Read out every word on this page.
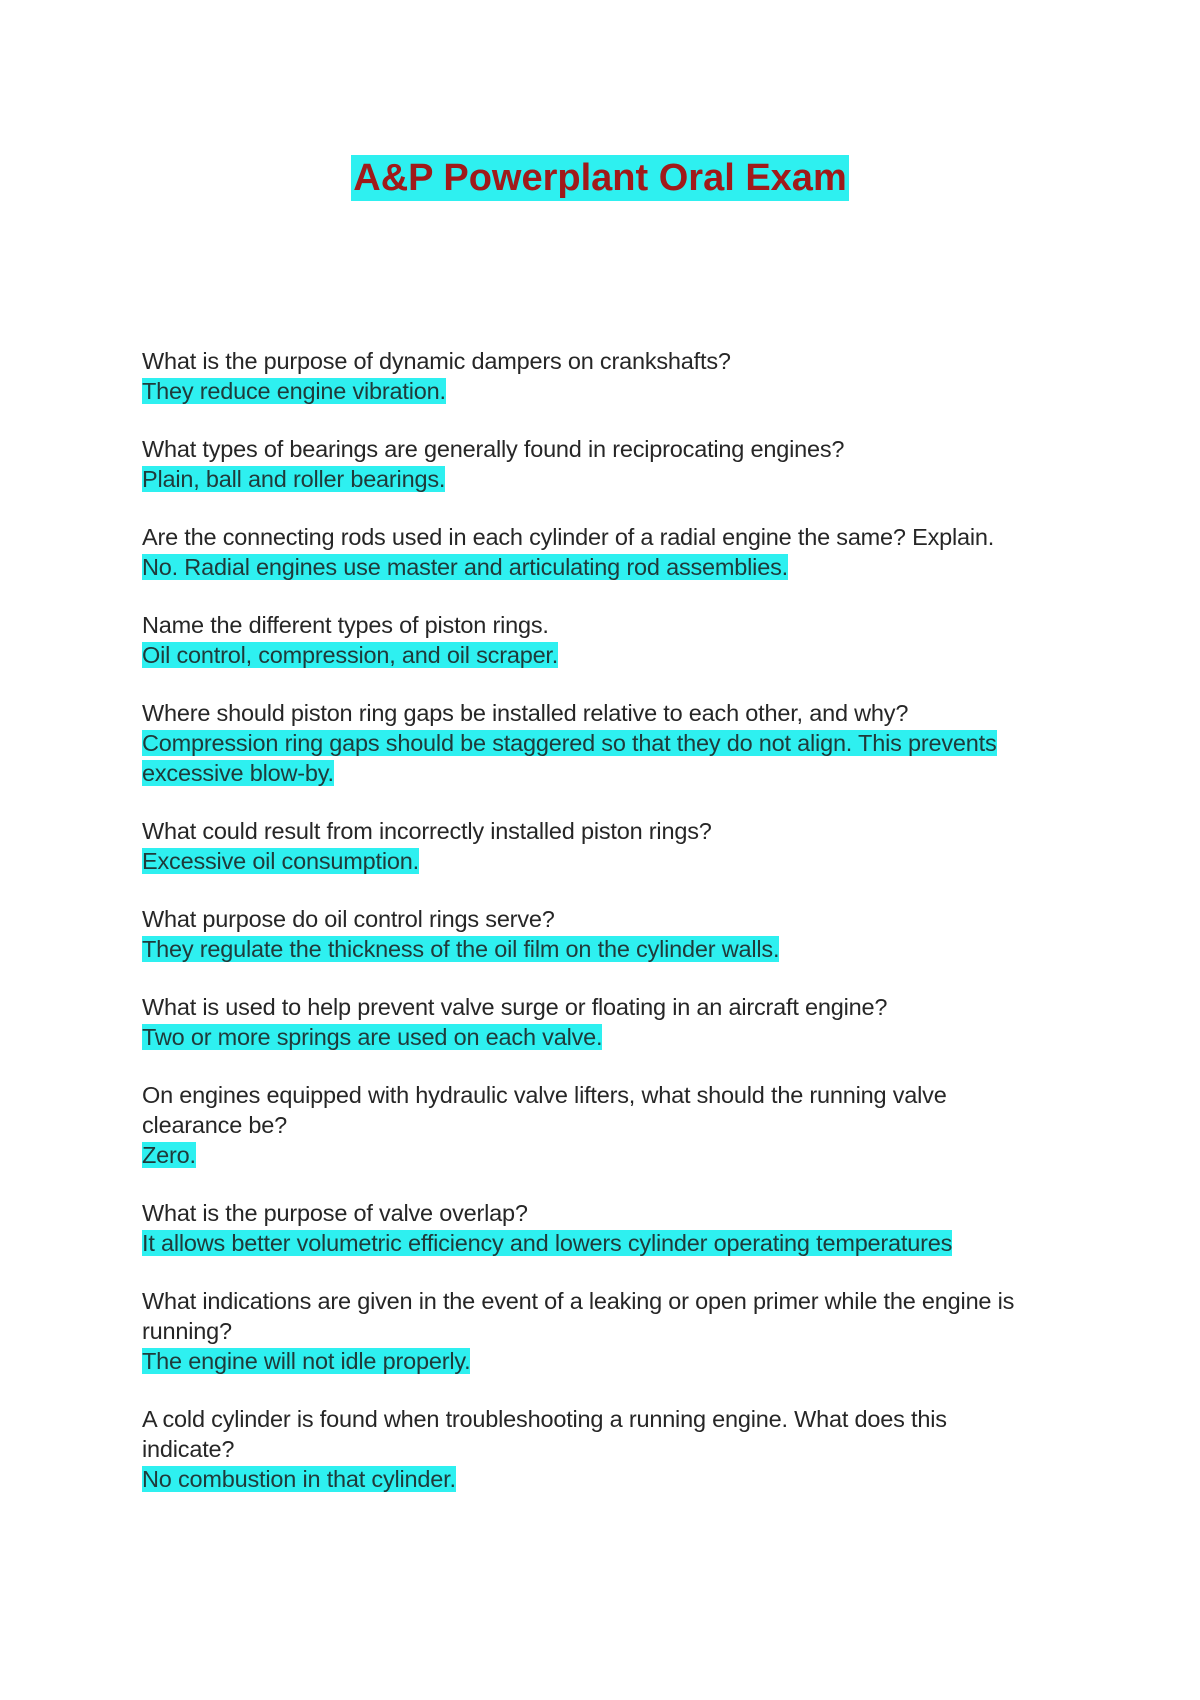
A&P Powerplant Oral Exam
What is the purpose of dynamic dampers on crankshafts?
They reduce engine vibration.
What types of bearings are generally found in reciprocating engines?
Plain, ball and roller bearings.
Are the connecting rods used in each cylinder of a radial engine the same? Explain.
No. Radial engines use master and articulating rod assemblies.
Name the different types of piston rings.
Oil control, compression, and oil scraper.
Where should piston ring gaps be installed relative to each other, and why?
Compression ring gaps should be staggered so that they do not align. This prevents excessive blow-by.
What could result from incorrectly installed piston rings?
Excessive oil consumption.
What purpose do oil control rings serve?
They regulate the thickness of the oil film on the cylinder walls.
What is used to help prevent valve surge or floating in an aircraft engine?
Two or more springs are used on each valve.
On engines equipped with hydraulic valve lifters, what should the running valve clearance be?
Zero.
What is the purpose of valve overlap?
It allows better volumetric efficiency and lowers cylinder operating temperatures
What indications are given in the event of a leaking or open primer while the engine is running?
The engine will not idle properly.
A cold cylinder is found when troubleshooting a running engine. What does this indicate?
No combustion in that cylinder.
